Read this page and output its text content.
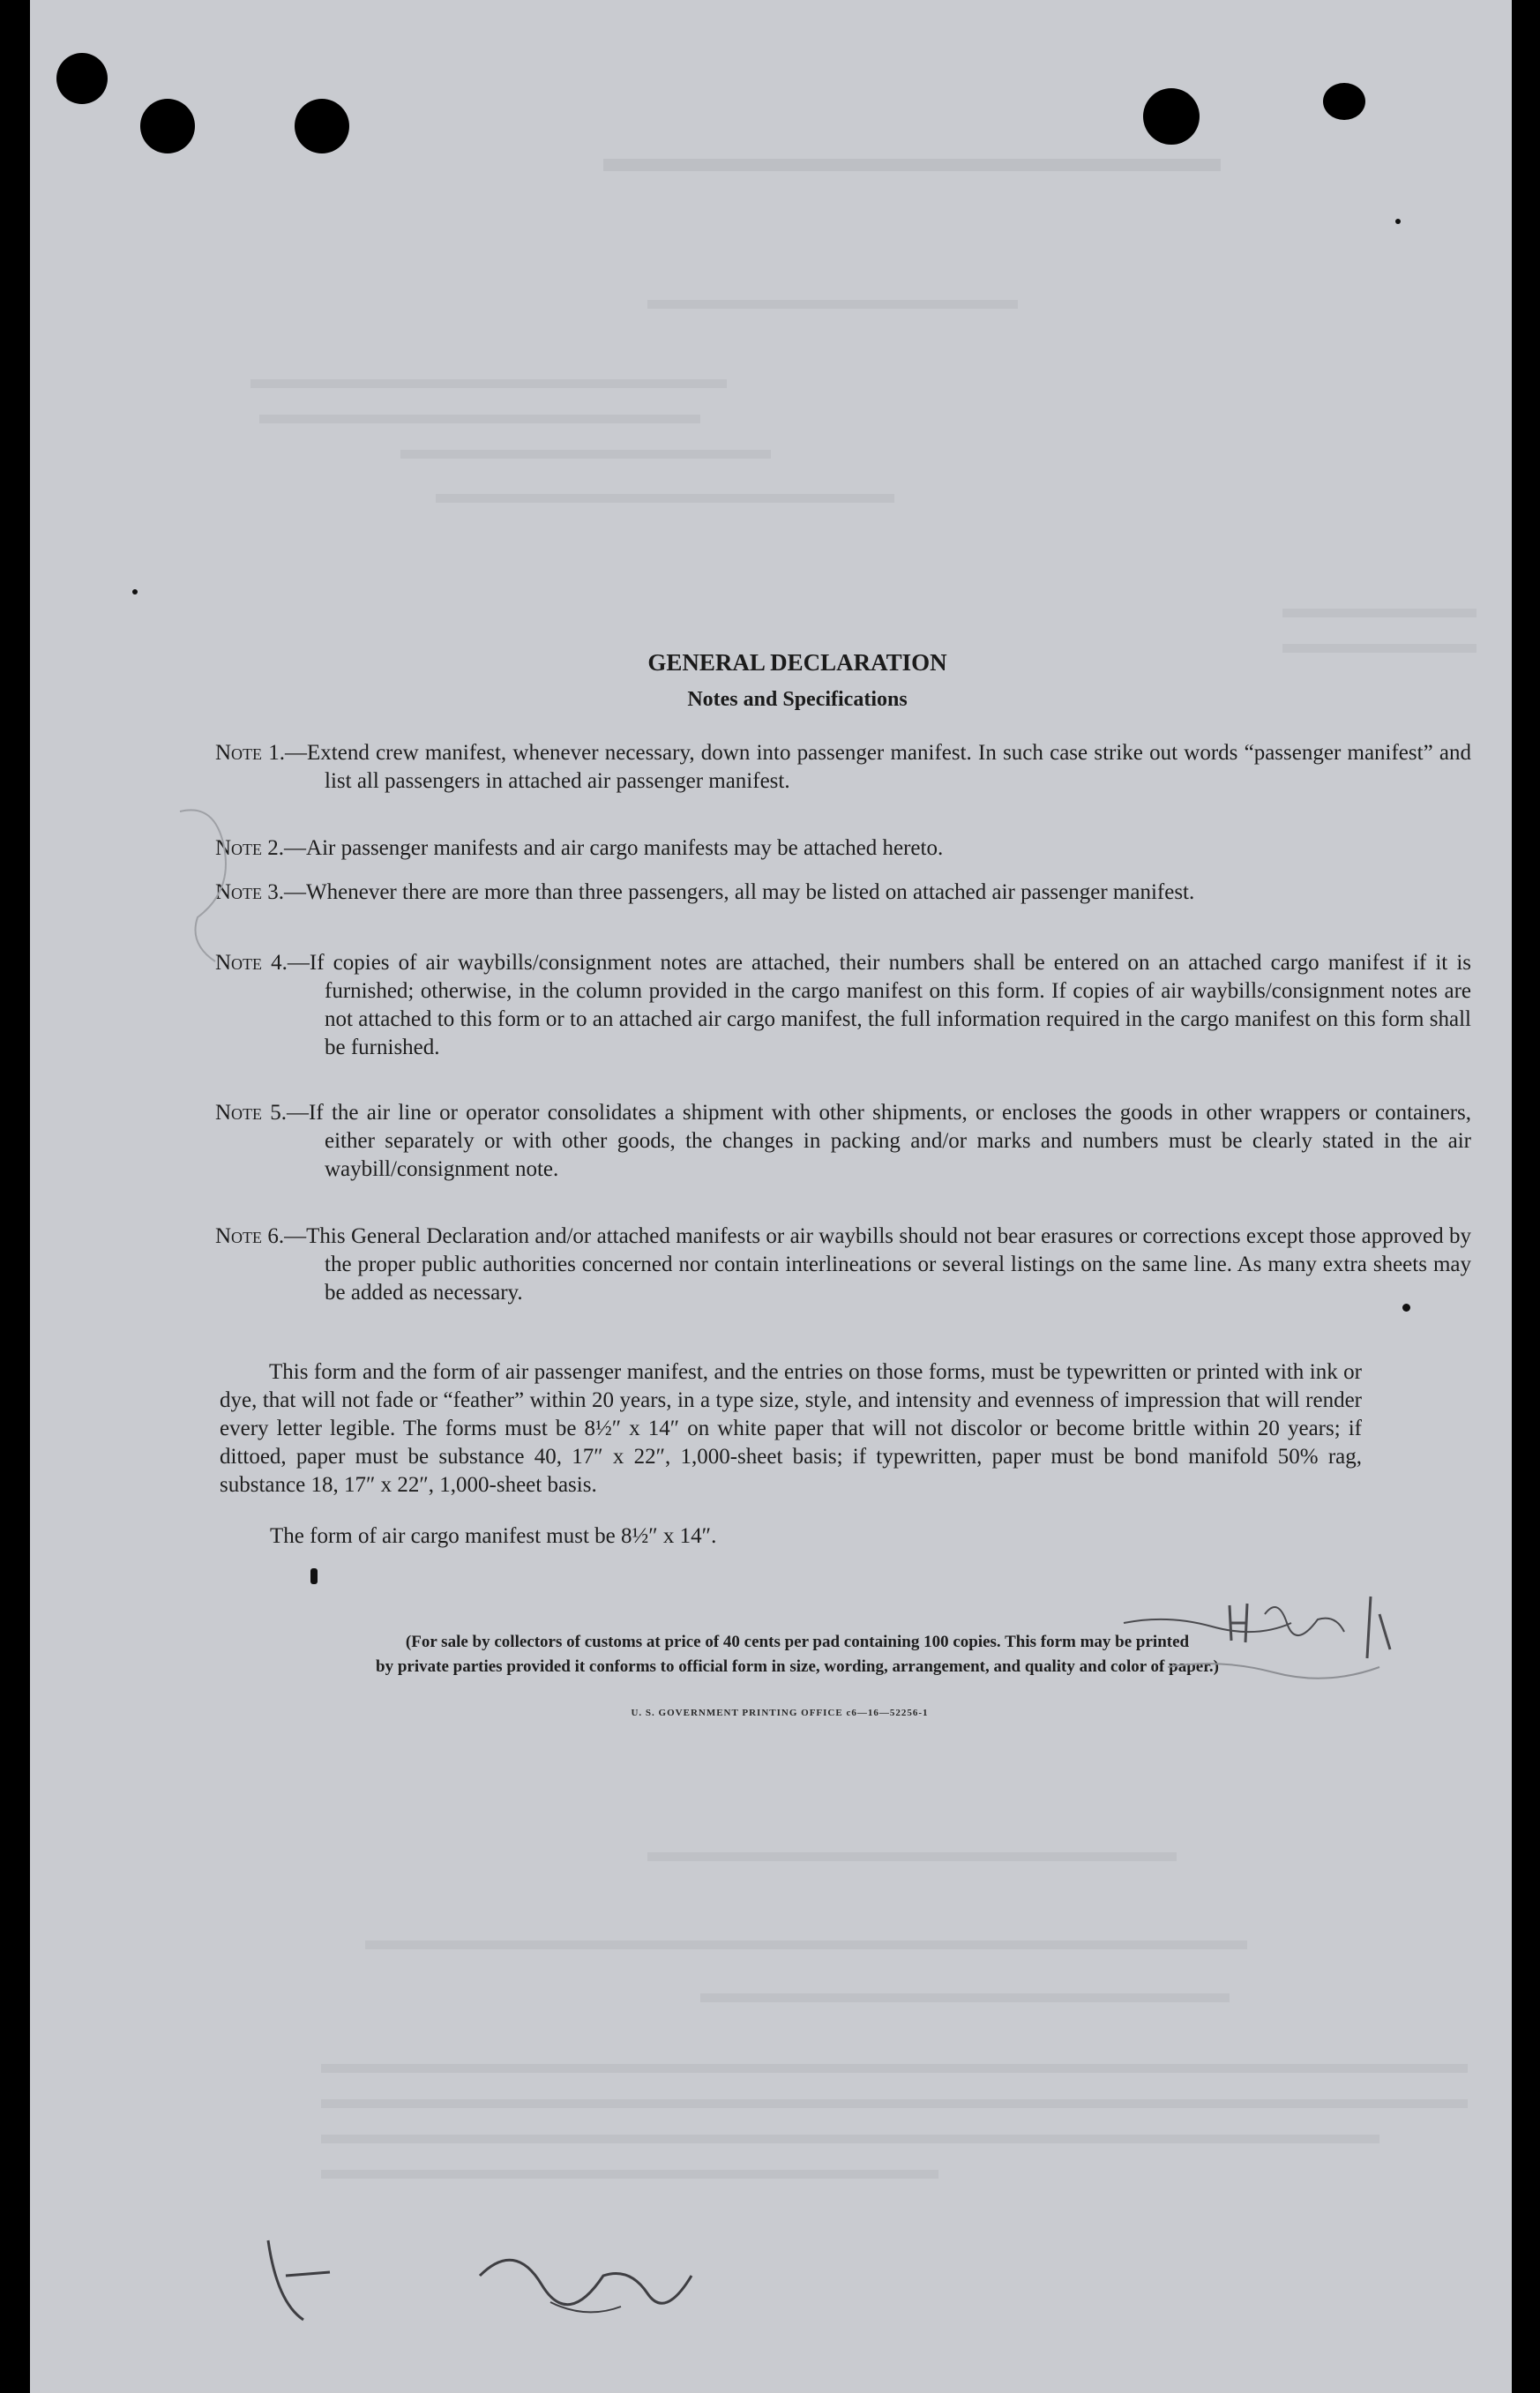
GENERAL DECLARATION
Notes and Specifications
Note 1.—Extend crew manifest, whenever necessary, down into passenger manifest. In such case strike out words “passenger manifest” and list all passengers in attached air passenger manifest.
Note 2.—Air passenger manifests and air cargo manifests may be attached hereto.
Note 3.—Whenever there are more than three passengers, all may be listed on attached air passenger manifest.
Note 4.—If copies of air waybills/consignment notes are attached, their numbers shall be entered on an attached cargo manifest if it is furnished; otherwise, in the column provided in the cargo manifest on this form. If copies of air waybills/consignment notes are not attached to this form or to an attached air cargo manifest, the full information required in the cargo manifest on this form shall be furnished.
Note 5.—If the air line or operator consolidates a shipment with other shipments, or encloses the goods in other wrappers or containers, either separately or with other goods, the changes in packing and/or marks and numbers must be clearly stated in the air waybill/consignment note.
Note 6.—This General Declaration and/or attached manifests or air waybills should not bear erasures or corrections except those approved by the proper public authorities concerned nor contain interlineations or several listings on the same line. As many extra sheets may be added as necessary.
This form and the form of air passenger manifest, and the entries on those forms, must be typewritten or printed with ink or dye, that will not fade or “feather” within 20 years, in a type size, style, and intensity and evenness of impression that will render every letter legible. The forms must be 8½″ x 14″ on white paper that will not discolor or become brittle within 20 years; if dittoed, paper must be substance 40, 17″ x 22″, 1,000-sheet basis; if typewritten, paper must be bond manifold 50% rag, substance 18, 17″ x 22″, 1,000-sheet basis.
The form of air cargo manifest must be 8½″ x 14″.
(For sale by collectors of customs at price of 40 cents per pad containing 100 copies. This form may be printed
by private parties provided it conforms to official form in size, wording, arrangement, and quality and color of paper.)
U. S. GOVERNMENT PRINTING OFFICE c6—16—52256-1
